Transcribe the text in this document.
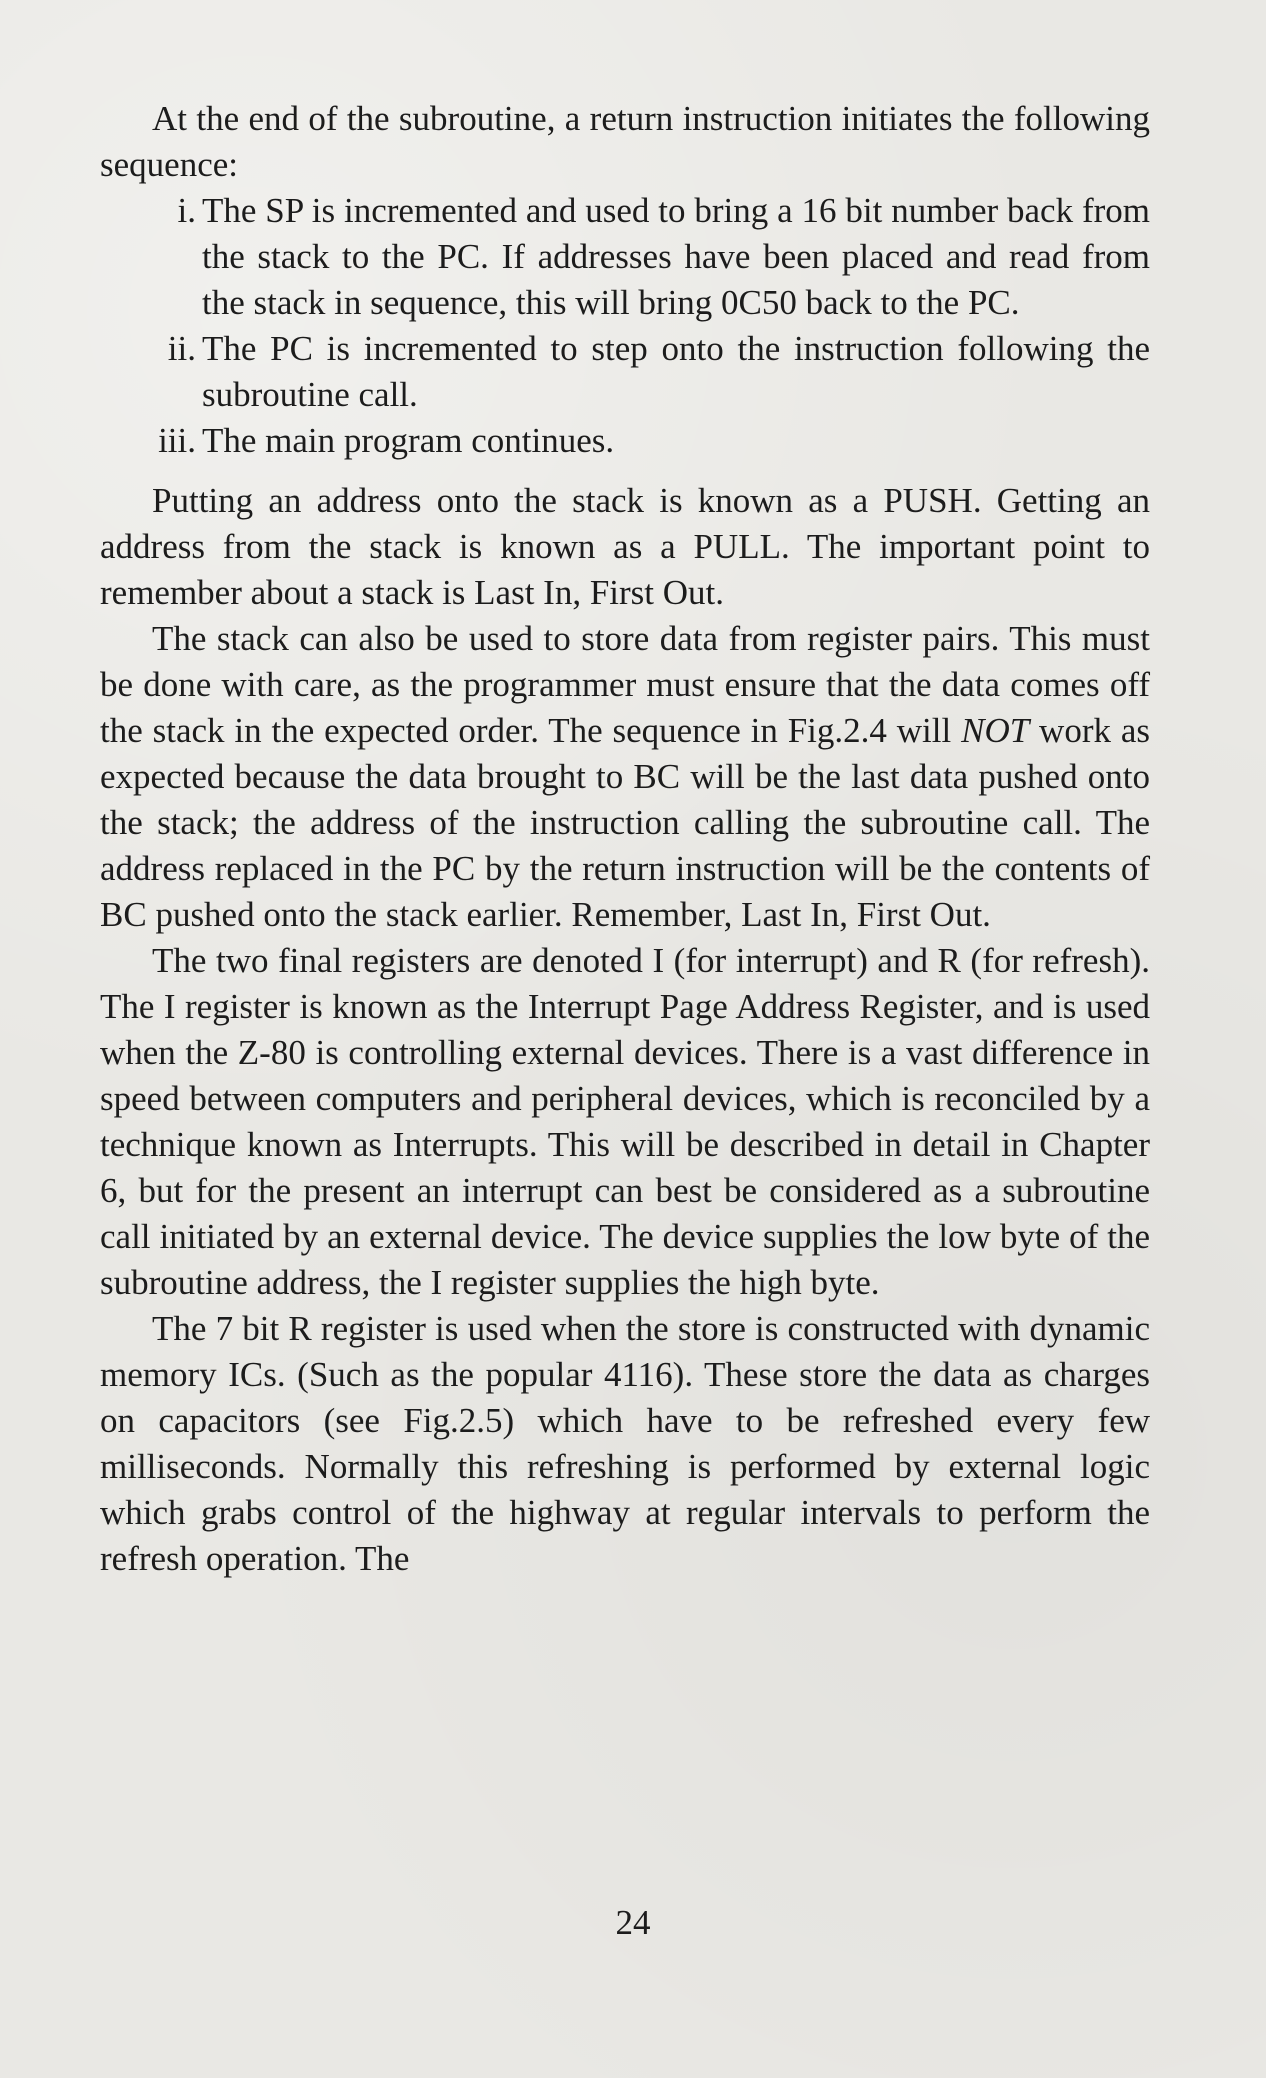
At the end of the subroutine, a return instruction initiates the following sequence:

i. The SP is incremented and used to bring a 16 bit number back from the stack to the PC. If addresses have been placed and read from the stack in sequence, this will bring 0C50 back to the PC.
ii. The PC is incremented to step onto the instruction following the subroutine call.
iii. The main program continues.

Putting an address onto the stack is known as a PUSH. Getting an address from the stack is known as a PULL. The important point to remember about a stack is Last In, First Out.

The stack can also be used to store data from register pairs. This must be done with care, as the programmer must ensure that the data comes off the stack in the expected order. The sequence in Fig.2.4 will NOT work as expected because the data brought to BC will be the last data pushed onto the stack; the address of the instruction calling the subroutine call. The address replaced in the PC by the return instruction will be the contents of BC pushed onto the stack earlier. Remember, Last In, First Out.

The two final registers are denoted I (for interrupt) and R (for refresh). The I register is known as the Interrupt Page Address Register, and is used when the Z-80 is controlling external devices. There is a vast difference in speed between computers and peripheral devices, which is reconciled by a technique known as Interrupts. This will be described in detail in Chapter 6, but for the present an interrupt can best be considered as a subroutine call initiated by an external device. The device supplies the low byte of the subroutine address, the I register supplies the high byte.

The 7 bit R register is used when the store is constructed with dynamic memory ICs. (Such as the popular 4116). These store the data as charges on capacitors (see Fig.2.5) which have to be refreshed every few milliseconds. Normally this refreshing is performed by external logic which grabs control of the highway at regular intervals to perform the refresh operation. The

24
